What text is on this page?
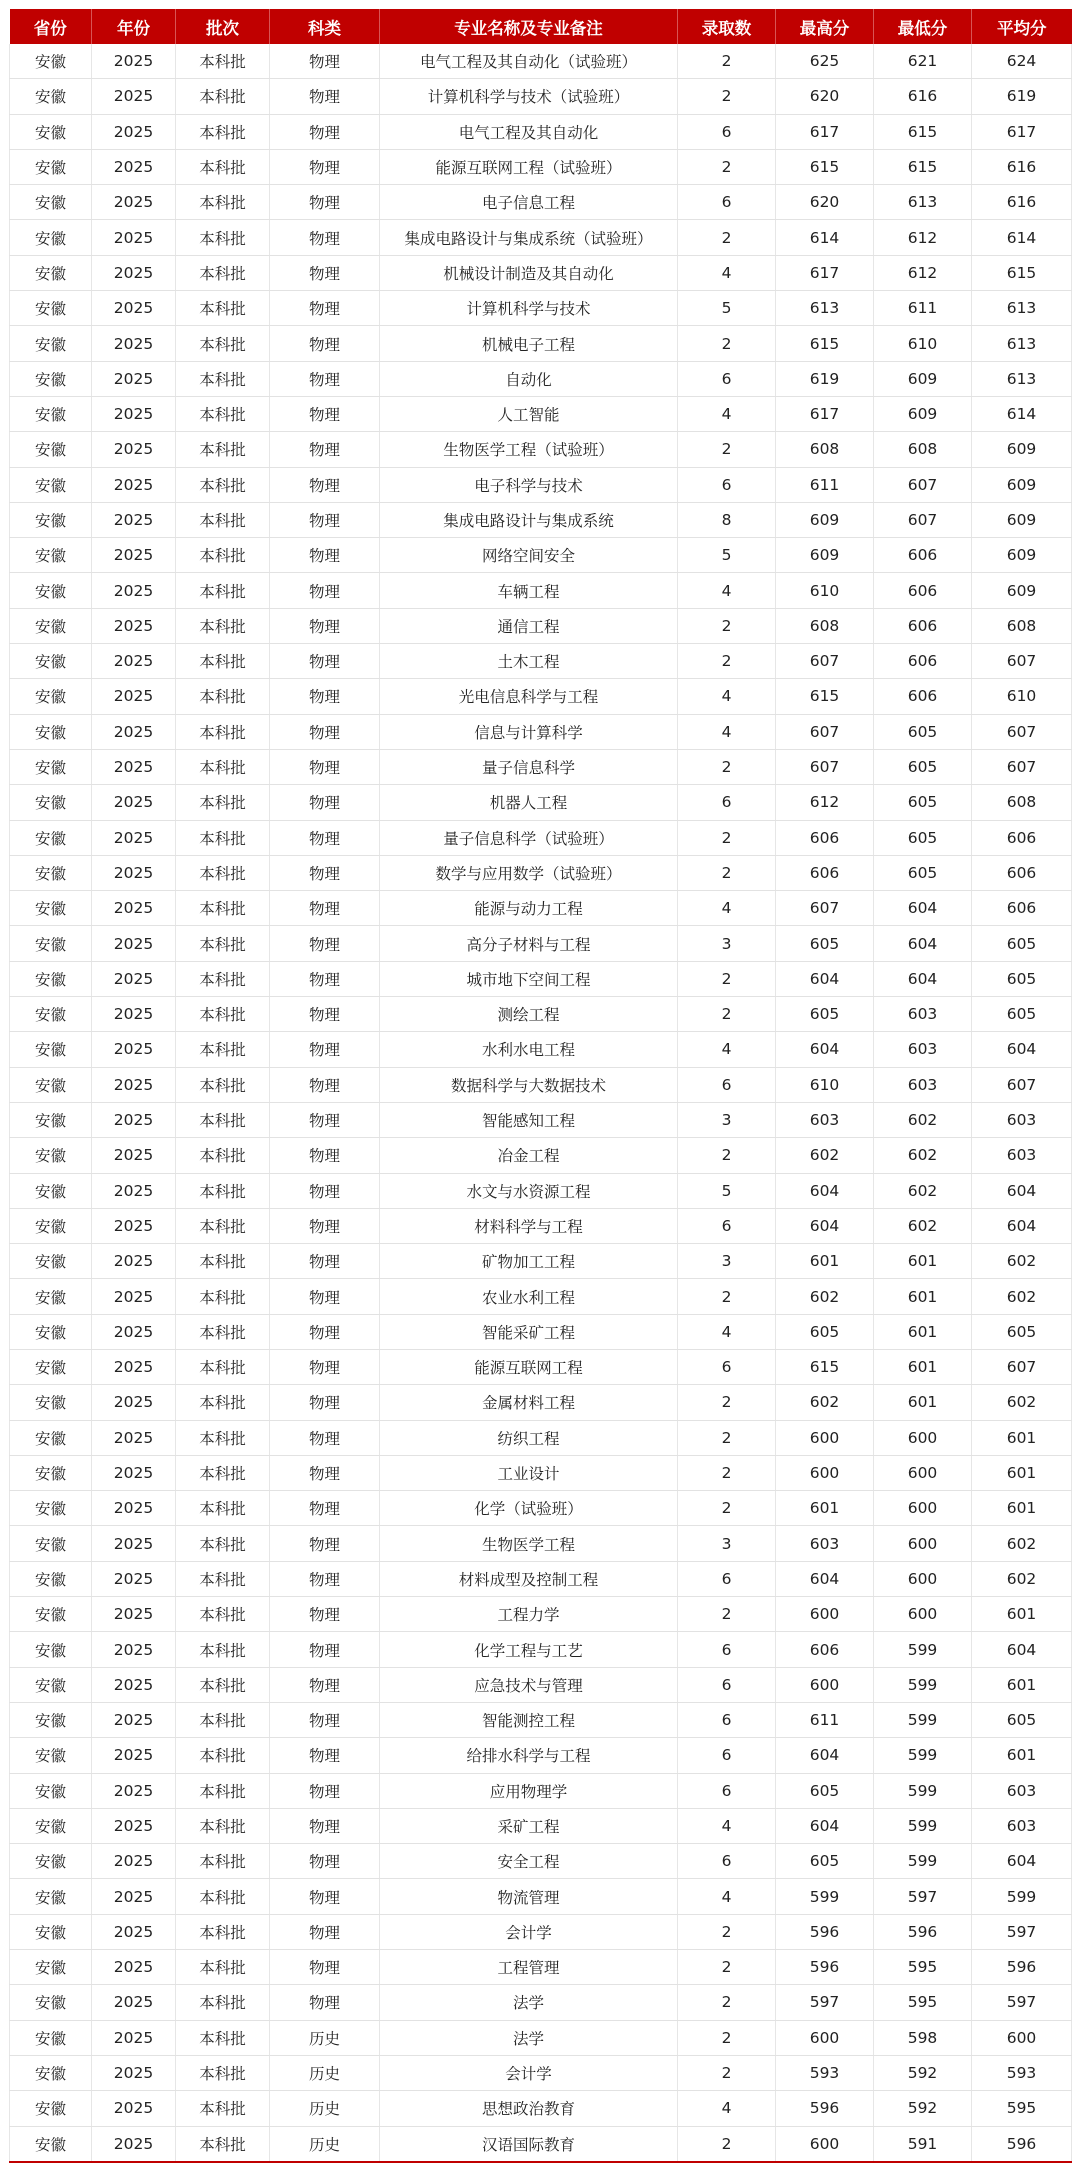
省份	年份	批次	科类	专业名称及专业备注	录取数	最高分	最低分	平均分
安徽	2025	本科批	物理	电气工程及其自动化（试验班）	2	625	621	624
安徽	2025	本科批	物理	计算机科学与技术（试验班）	2	620	616	619
安徽	2025	本科批	物理	电气工程及其自动化	6	617	615	617
安徽	2025	本科批	物理	能源互联网工程（试验班）	2	615	615	616
安徽	2025	本科批	物理	电子信息工程	6	620	613	616
安徽	2025	本科批	物理	集成电路设计与集成系统（试验班）	2	614	612	614
安徽	2025	本科批	物理	机械设计制造及其自动化	4	617	612	615
安徽	2025	本科批	物理	计算机科学与技术	5	613	611	613
安徽	2025	本科批	物理	机械电子工程	2	615	610	613
安徽	2025	本科批	物理	自动化	6	619	609	613
安徽	2025	本科批	物理	人工智能	4	617	609	614
安徽	2025	本科批	物理	生物医学工程（试验班）	2	608	608	609
安徽	2025	本科批	物理	电子科学与技术	6	611	607	609
安徽	2025	本科批	物理	集成电路设计与集成系统	8	609	607	609
安徽	2025	本科批	物理	网络空间安全	5	609	606	609
安徽	2025	本科批	物理	车辆工程	4	610	606	609
安徽	2025	本科批	物理	通信工程	2	608	606	608
安徽	2025	本科批	物理	土木工程	2	607	606	607
安徽	2025	本科批	物理	光电信息科学与工程	4	615	606	610
安徽	2025	本科批	物理	信息与计算科学	4	607	605	607
安徽	2025	本科批	物理	量子信息科学	2	607	605	607
安徽	2025	本科批	物理	机器人工程	6	612	605	608
安徽	2025	本科批	物理	量子信息科学（试验班）	2	606	605	606
安徽	2025	本科批	物理	数学与应用数学（试验班）	2	606	605	606
安徽	2025	本科批	物理	能源与动力工程	4	607	604	606
安徽	2025	本科批	物理	高分子材料与工程	3	605	604	605
安徽	2025	本科批	物理	城市地下空间工程	2	604	604	605
安徽	2025	本科批	物理	测绘工程	2	605	603	605
安徽	2025	本科批	物理	水利水电工程	4	604	603	604
安徽	2025	本科批	物理	数据科学与大数据技术	6	610	603	607
安徽	2025	本科批	物理	智能感知工程	3	603	602	603
安徽	2025	本科批	物理	冶金工程	2	602	602	603
安徽	2025	本科批	物理	水文与水资源工程	5	604	602	604
安徽	2025	本科批	物理	材料科学与工程	6	604	602	604
安徽	2025	本科批	物理	矿物加工工程	3	601	601	602
安徽	2025	本科批	物理	农业水利工程	2	602	601	602
安徽	2025	本科批	物理	智能采矿工程	4	605	601	605
安徽	2025	本科批	物理	能源互联网工程	6	615	601	607
安徽	2025	本科批	物理	金属材料工程	2	602	601	602
安徽	2025	本科批	物理	纺织工程	2	600	600	601
安徽	2025	本科批	物理	工业设计	2	600	600	601
安徽	2025	本科批	物理	化学（试验班）	2	601	600	601
安徽	2025	本科批	物理	生物医学工程	3	603	600	602
安徽	2025	本科批	物理	材料成型及控制工程	6	604	600	602
安徽	2025	本科批	物理	工程力学	2	600	600	601
安徽	2025	本科批	物理	化学工程与工艺	6	606	599	604
安徽	2025	本科批	物理	应急技术与管理	6	600	599	601
安徽	2025	本科批	物理	智能测控工程	6	611	599	605
安徽	2025	本科批	物理	给排水科学与工程	6	604	599	601
安徽	2025	本科批	物理	应用物理学	6	605	599	603
安徽	2025	本科批	物理	采矿工程	4	604	599	603
安徽	2025	本科批	物理	安全工程	6	605	599	604
安徽	2025	本科批	物理	物流管理	4	599	597	599
安徽	2025	本科批	物理	会计学	2	596	596	597
安徽	2025	本科批	物理	工程管理	2	596	595	596
安徽	2025	本科批	物理	法学	2	597	595	597
安徽	2025	本科批	历史	法学	2	600	598	600
安徽	2025	本科批	历史	会计学	2	593	592	593
安徽	2025	本科批	历史	思想政治教育	4	596	592	595
安徽	2025	本科批	历史	汉语国际教育	2	600	591	596
